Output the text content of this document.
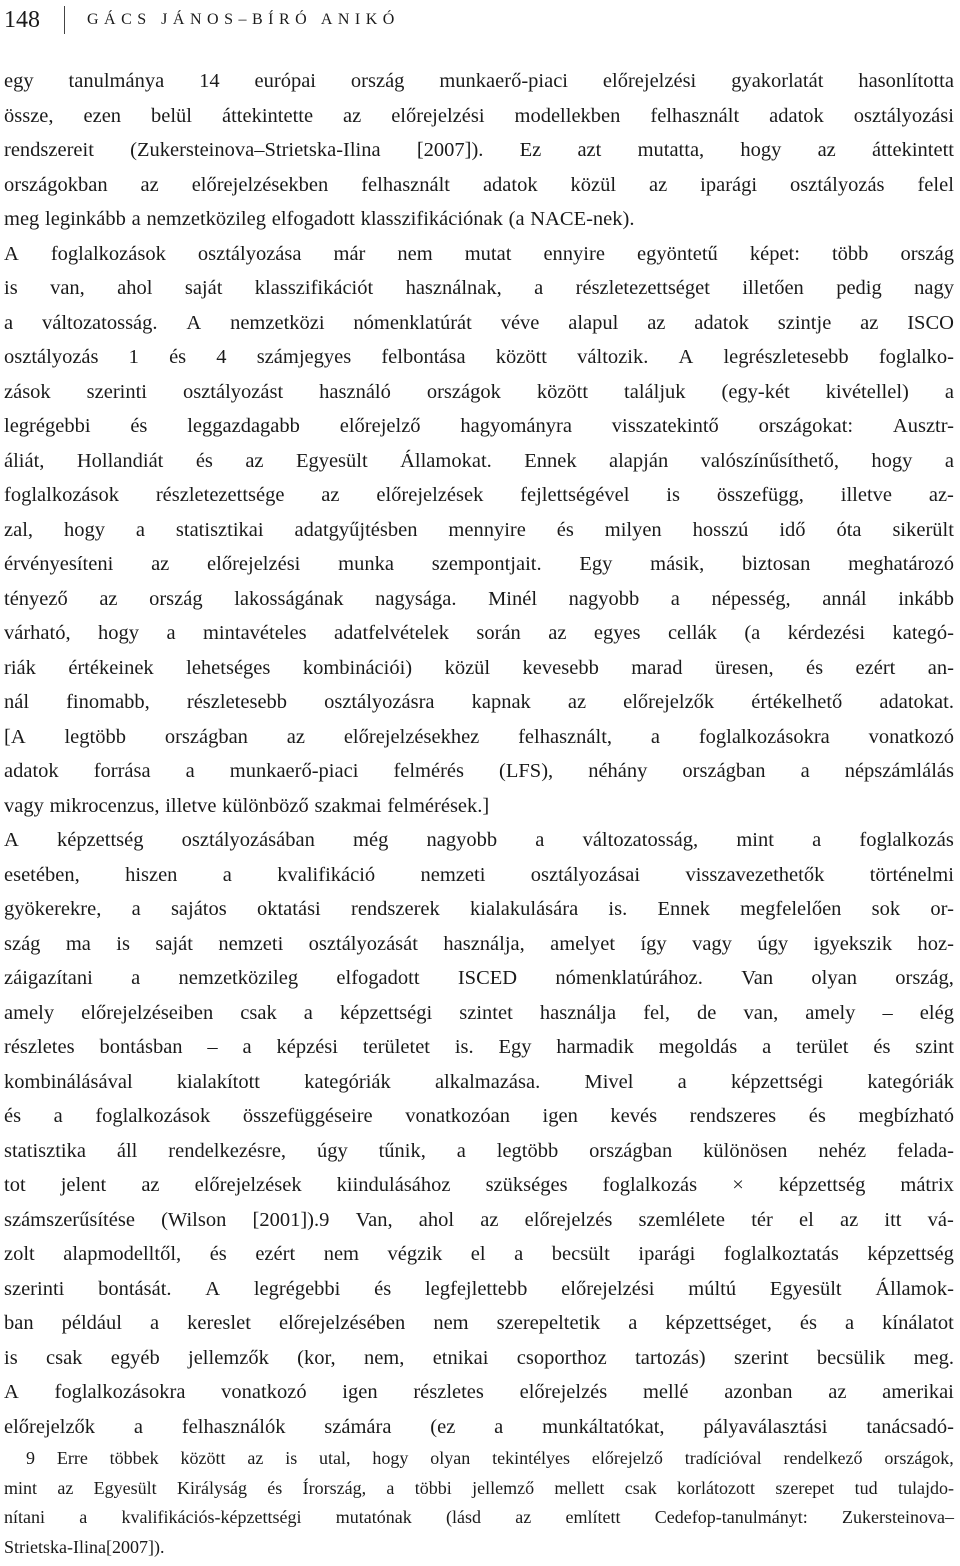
148	GÁCS JÁNOS–BÍRÓ ANIKÓ
egy tanulmánya 14 európai ország munkaerő-piaci előrejelzési gyakorlatát hasonlította
össze, ezen belül áttekintette az előrejelzési modellekben felhasznált adatok osztályozási
rendszereit (Zukersteinova–Strietska-Ilina [2007]). Ez azt mutatta, hogy az áttekintett
országokban az előrejelzésekben felhasznált adatok közül az iparági osztályozás felel
meg leginkább a nemzetközileg elfogadott klasszifikációnak (a NACE-nek).
A foglalkozások osztályozása már nem mutat ennyire egyöntetű képet: több ország
is van, ahol saját klasszifikációt használnak, a részletezettséget illetően pedig nagy
a változatosság. A nemzetközi nómenklatúrát véve alapul az adatok szintje az ISCO
osztályozás 1 és 4 számjegyes felbontása között változik. A legrészletesebb foglalko-
zások szerinti osztályozást használó országok között találjuk (egy-két kivétellel) a
legrégebbi és leggazdagabb előrejelző hagyományra visszatekintő országokat: Ausztr-
áliát, Hollandiát és az Egyesült Államokat. Ennek alapján valószínűsíthető, hogy a
foglalkozások részletezettsége az előrejelzések fejlettségével is összefügg, illetve az-
zal, hogy a statisztikai adatgyűjtésben mennyire és milyen hosszú idő óta sikerült
érvényesíteni az előrejelzési munka szempontjait. Egy másik, biztosan meghatározó
tényező az ország lakosságának nagysága. Minél nagyobb a népesség, annál inkább
várható, hogy a mintavételes adatfelvételek során az egyes cellák (a kérdezési kategó-
riák értékeinek lehetséges kombinációi) közül kevesebb marad üresen, és ezért an-
nál finomabb, részletesebb osztályozásra kapnak az előrejelzők értékelhető adatokat.
[A legtöbb országban az előrejelzésekhez felhasznált, a foglalkozásokra vonatkozó
adatok forrása a munkaerő-piaci felmérés (LFS), néhány országban a népszámlálás
vagy mikrocenzus, illetve különböző szakmai felmérések.]
A képzettség osztályozásában még nagyobb a változatosság, mint a foglalkozás
esetében, hiszen a kvalifikáció nemzeti osztályozásai visszavezethetők történelmi
gyökerekre, a sajátos oktatási rendszerek kialakulására is. Ennek megfelelően sok or-
szág ma is saját nemzeti osztályozását használja, amelyet így vagy úgy igyekszik hoz-
záigazítani a nemzetközileg elfogadott ISCED nómenklatúrához. Van olyan ország,
amely előrejelzéseiben csak a képzettségi szintet használja fel, de van, amely – elég
részletes bontásban – a képzési területet is. Egy harmadik megoldás a terület és szint
kombinálásával kialakított kategóriák alkalmazása. Mivel a képzettségi kategóriák
és a foglalkozások összefüggéseire vonatkozóan igen kevés rendszeres és megbízható
statisztika áll rendelkezésre, úgy tűnik, a legtöbb országban különösen nehéz felada-
tot jelent az előrejelzések kiindulásához szükséges foglalkozás × képzettség mátrix
számszerűsítése (Wilson [2001]).9 Van, ahol az előrejelzés szemlélete tér el az itt vá-
zolt alapmodelltől, és ezért nem végzik el a becsült iparági foglalkoztatás képzettség
szerinti bontását. A legrégebbi és legfejlettebb előrejelzési múltú Egyesült Államok-
ban például a kereslet előrejelzésében nem szerepeltetik a képzettséget, és a kínálatot
is csak egyéb jellemzők (kor, nem, etnikai csoporthoz tartozás) szerint becsülik meg.
A foglalkozásokra vonatkozó igen részletes előrejelzés mellé azonban az amerikai
előrejelzők a felhasználók számára (ez a munkáltatókat, pályaválasztási tanácsadó-
9 Erre többek között az is utal, hogy olyan tekintélyes előrejelző tradícióval rendelkező országok,
mint az Egyesült Királyság és Írország, a többi jellemző mellett csak korlátozott szerepet tud tulajdo-
nítani a kvalifikációs-képzettségi mutatónak (lásd az említett Cedefop-tanulmányt: Zukersteinova–
Strietska-Ilina [2007]).
